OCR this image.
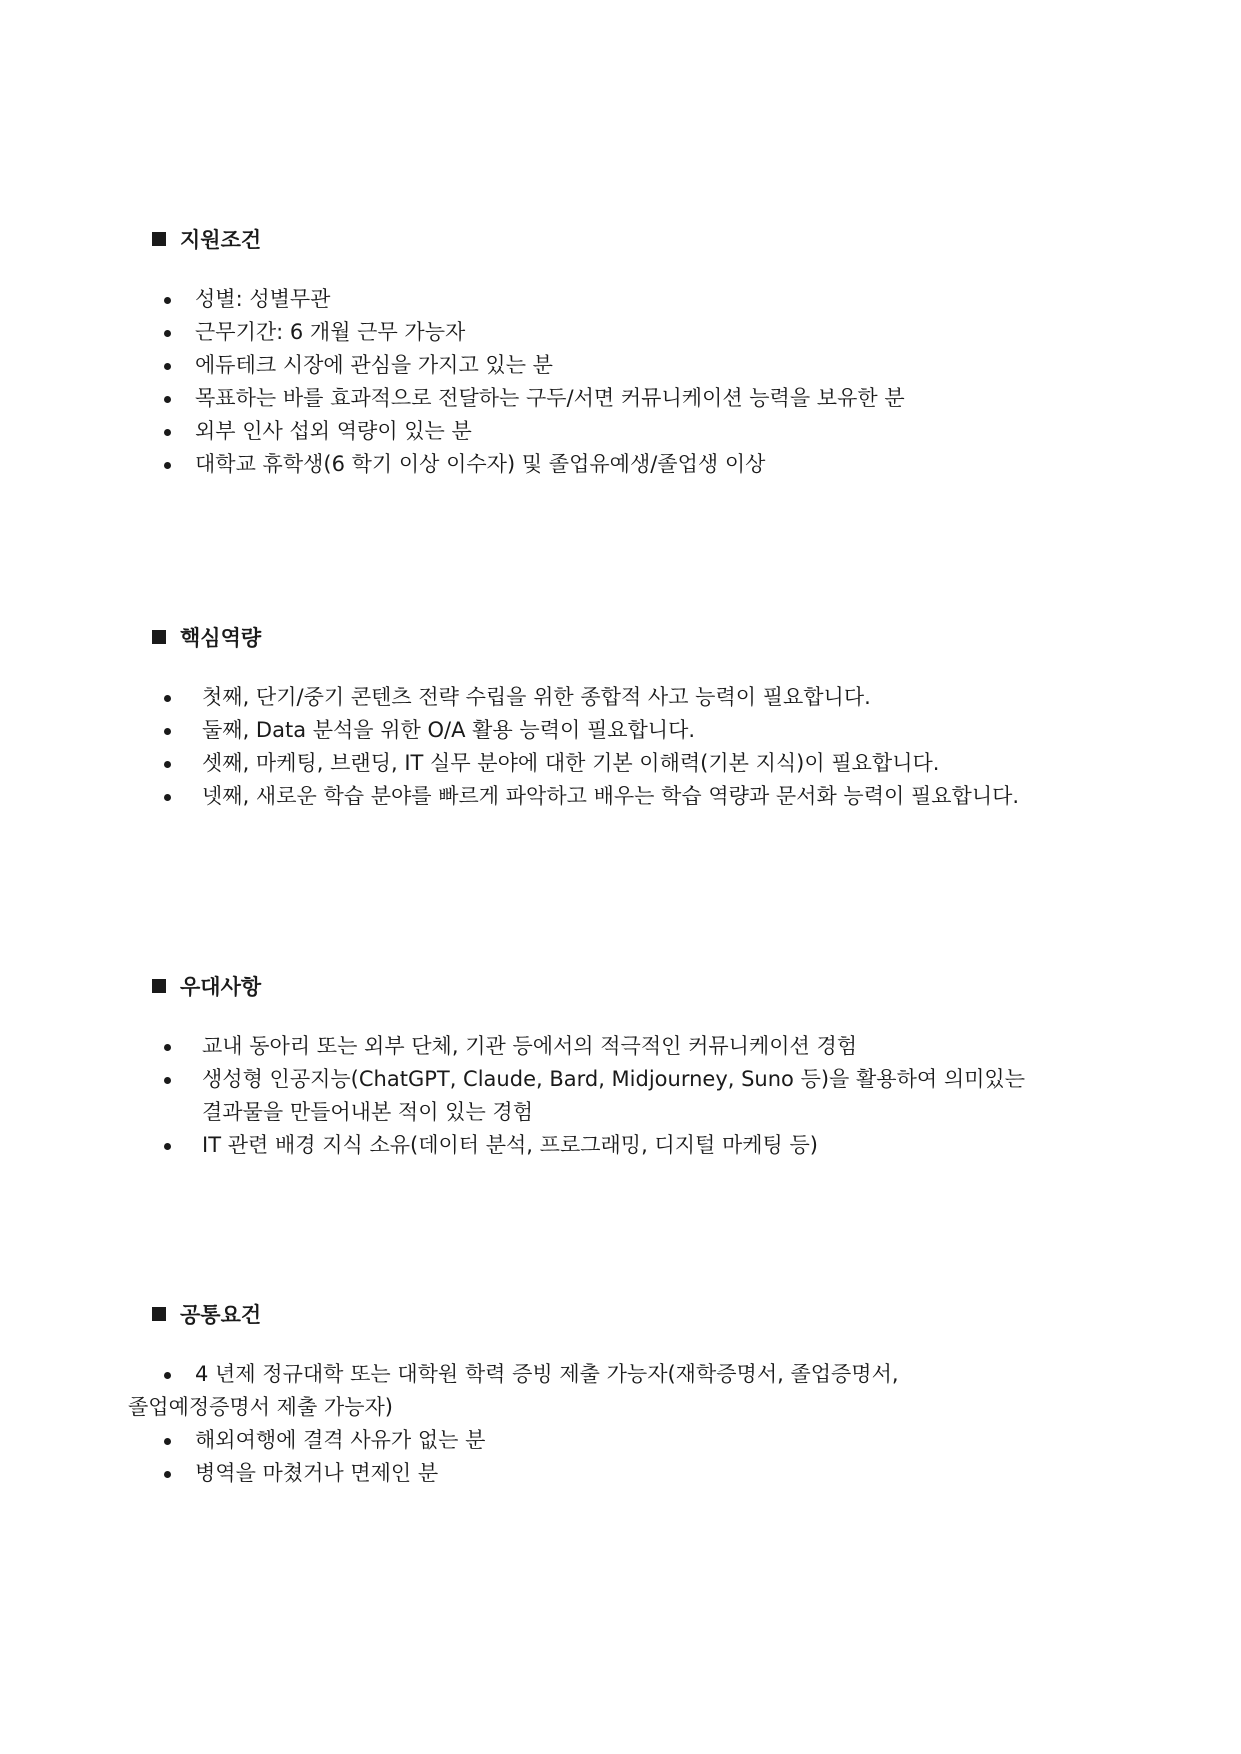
지원조건
성별: 성별무관
근무기간: 6 개월 근무 가능자
에듀테크 시장에 관심을 가지고 있는 분
목표하는 바를 효과적으로 전달하는 구두/서면 커뮤니케이션 능력을 보유한 분
외부 인사 섭외 역량이 있는 분
대학교 휴학생(6 학기 이상 이수자) 및 졸업유예생/졸업생 이상
핵심역량
첫째, 단기/중기 콘텐츠 전략 수립을 위한 종합적 사고 능력이 필요합니다.
둘째, Data 분석을 위한 O/A 활용 능력이 필요합니다.
셋째, 마케팅, 브랜딩, IT 실무 분야에 대한 기본 이해력(기본 지식)이 필요합니다.
넷째, 새로운 학습 분야를 빠르게 파악하고 배우는 학습 역량과 문서화 능력이 필요합니다.
우대사항
교내 동아리 또는 외부 단체, 기관 등에서의 적극적인 커뮤니케이션 경험
생성형 인공지능(ChatGPT, Claude, Bard, Midjourney, Suno 등)을 활용하여 의미있는
결과물을 만들어내본 적이 있는 경험
IT 관련 배경 지식 소유(데이터 분석, 프로그래밍, 디지털 마케팅 등)
공통요건
4 년제 정규대학 또는 대학원 학력 증빙 제출 가능자(재학증명서, 졸업증명서,
졸업예정증명서 제출 가능자)
해외여행에 결격 사유가 없는 분
병역을 마쳤거나 면제인 분
